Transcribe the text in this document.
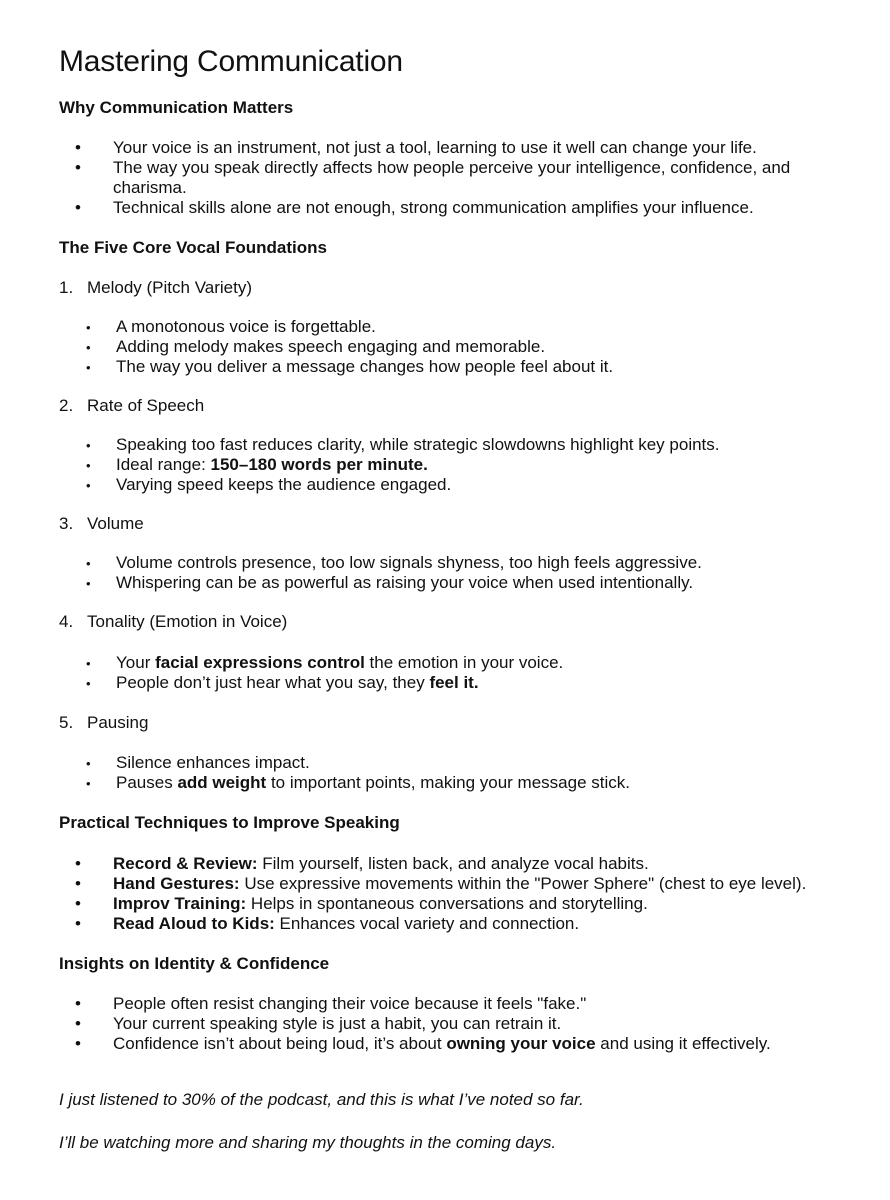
Mastering Communication
Why Communication Matters
• Your voice is an instrument, not just a tool, learning to use it well can change your life.
• The way you speak directly affects how people perceive your intelligence, confidence, and charisma.
• Technical skills alone are not enough, strong communication amplifies your influence.
The Five Core Vocal Foundations
1. Melody (Pitch Variety)
• A monotonous voice is forgettable.
• Adding melody makes speech engaging and memorable.
• The way you deliver a message changes how people feel about it.
2. Rate of Speech
• Speaking too fast reduces clarity, while strategic slowdowns highlight key points.
• Ideal range: 150–180 words per minute.
• Varying speed keeps the audience engaged.
3. Volume
• Volume controls presence, too low signals shyness, too high feels aggressive.
• Whispering can be as powerful as raising your voice when used intentionally.
4. Tonality (Emotion in Voice)
• Your facial expressions control the emotion in your voice.
• People don’t just hear what you say, they feel it.
5. Pausing
• Silence enhances impact.
• Pauses add weight to important points, making your message stick.
Practical Techniques to Improve Speaking
• Record & Review: Film yourself, listen back, and analyze vocal habits.
• Hand Gestures: Use expressive movements within the "Power Sphere" (chest to eye level).
• Improv Training: Helps in spontaneous conversations and storytelling.
• Read Aloud to Kids: Enhances vocal variety and connection.
Insights on Identity & Confidence
• People often resist changing their voice because it feels "fake."
• Your current speaking style is just a habit, you can retrain it.
• Confidence isn’t about being loud, it’s about owning your voice and using it effectively.
I just listened to 30% of the podcast, and this is what I’ve noted so far.
I’ll be watching more and sharing my thoughts in the coming days.
